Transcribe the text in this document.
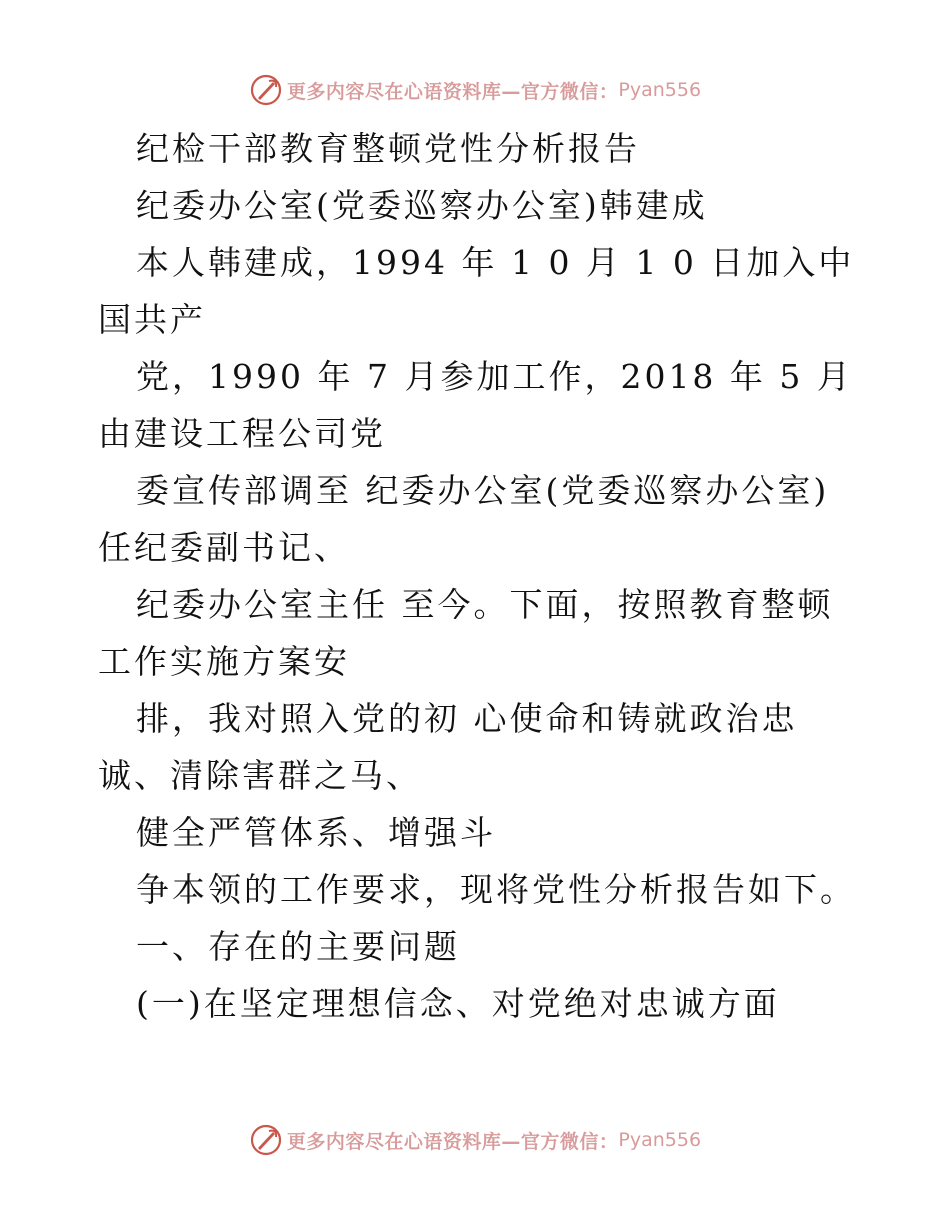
更多内容尽在心语资料库—官方微信： Pyan556

纪检干部教育整顿党性分析报告

纪委办公室(党委巡察办公室)韩建成

本人韩建成，1994 年 1 0 月 1 0 日加入中国共产

党，1990 年 7 月参加工作，2018 年 5 月由建设工程公司党

委宣传部调至 纪委办公室(党委巡察办公室)任纪委副书记、

纪委办公室主任 至今。下面，按照教育整顿工作实施方案安

排，我对照入党的初 心使命和铸就政治忠诚、清除害群之马、

健全严管体系、增强斗

争本领的工作要求，现将党性分析报告如下。

一、存在的主要问题

(一)在坚定理想信念、对党绝对忠诚方面

更多内容尽在心语资料库—官方微信： Pyan556
